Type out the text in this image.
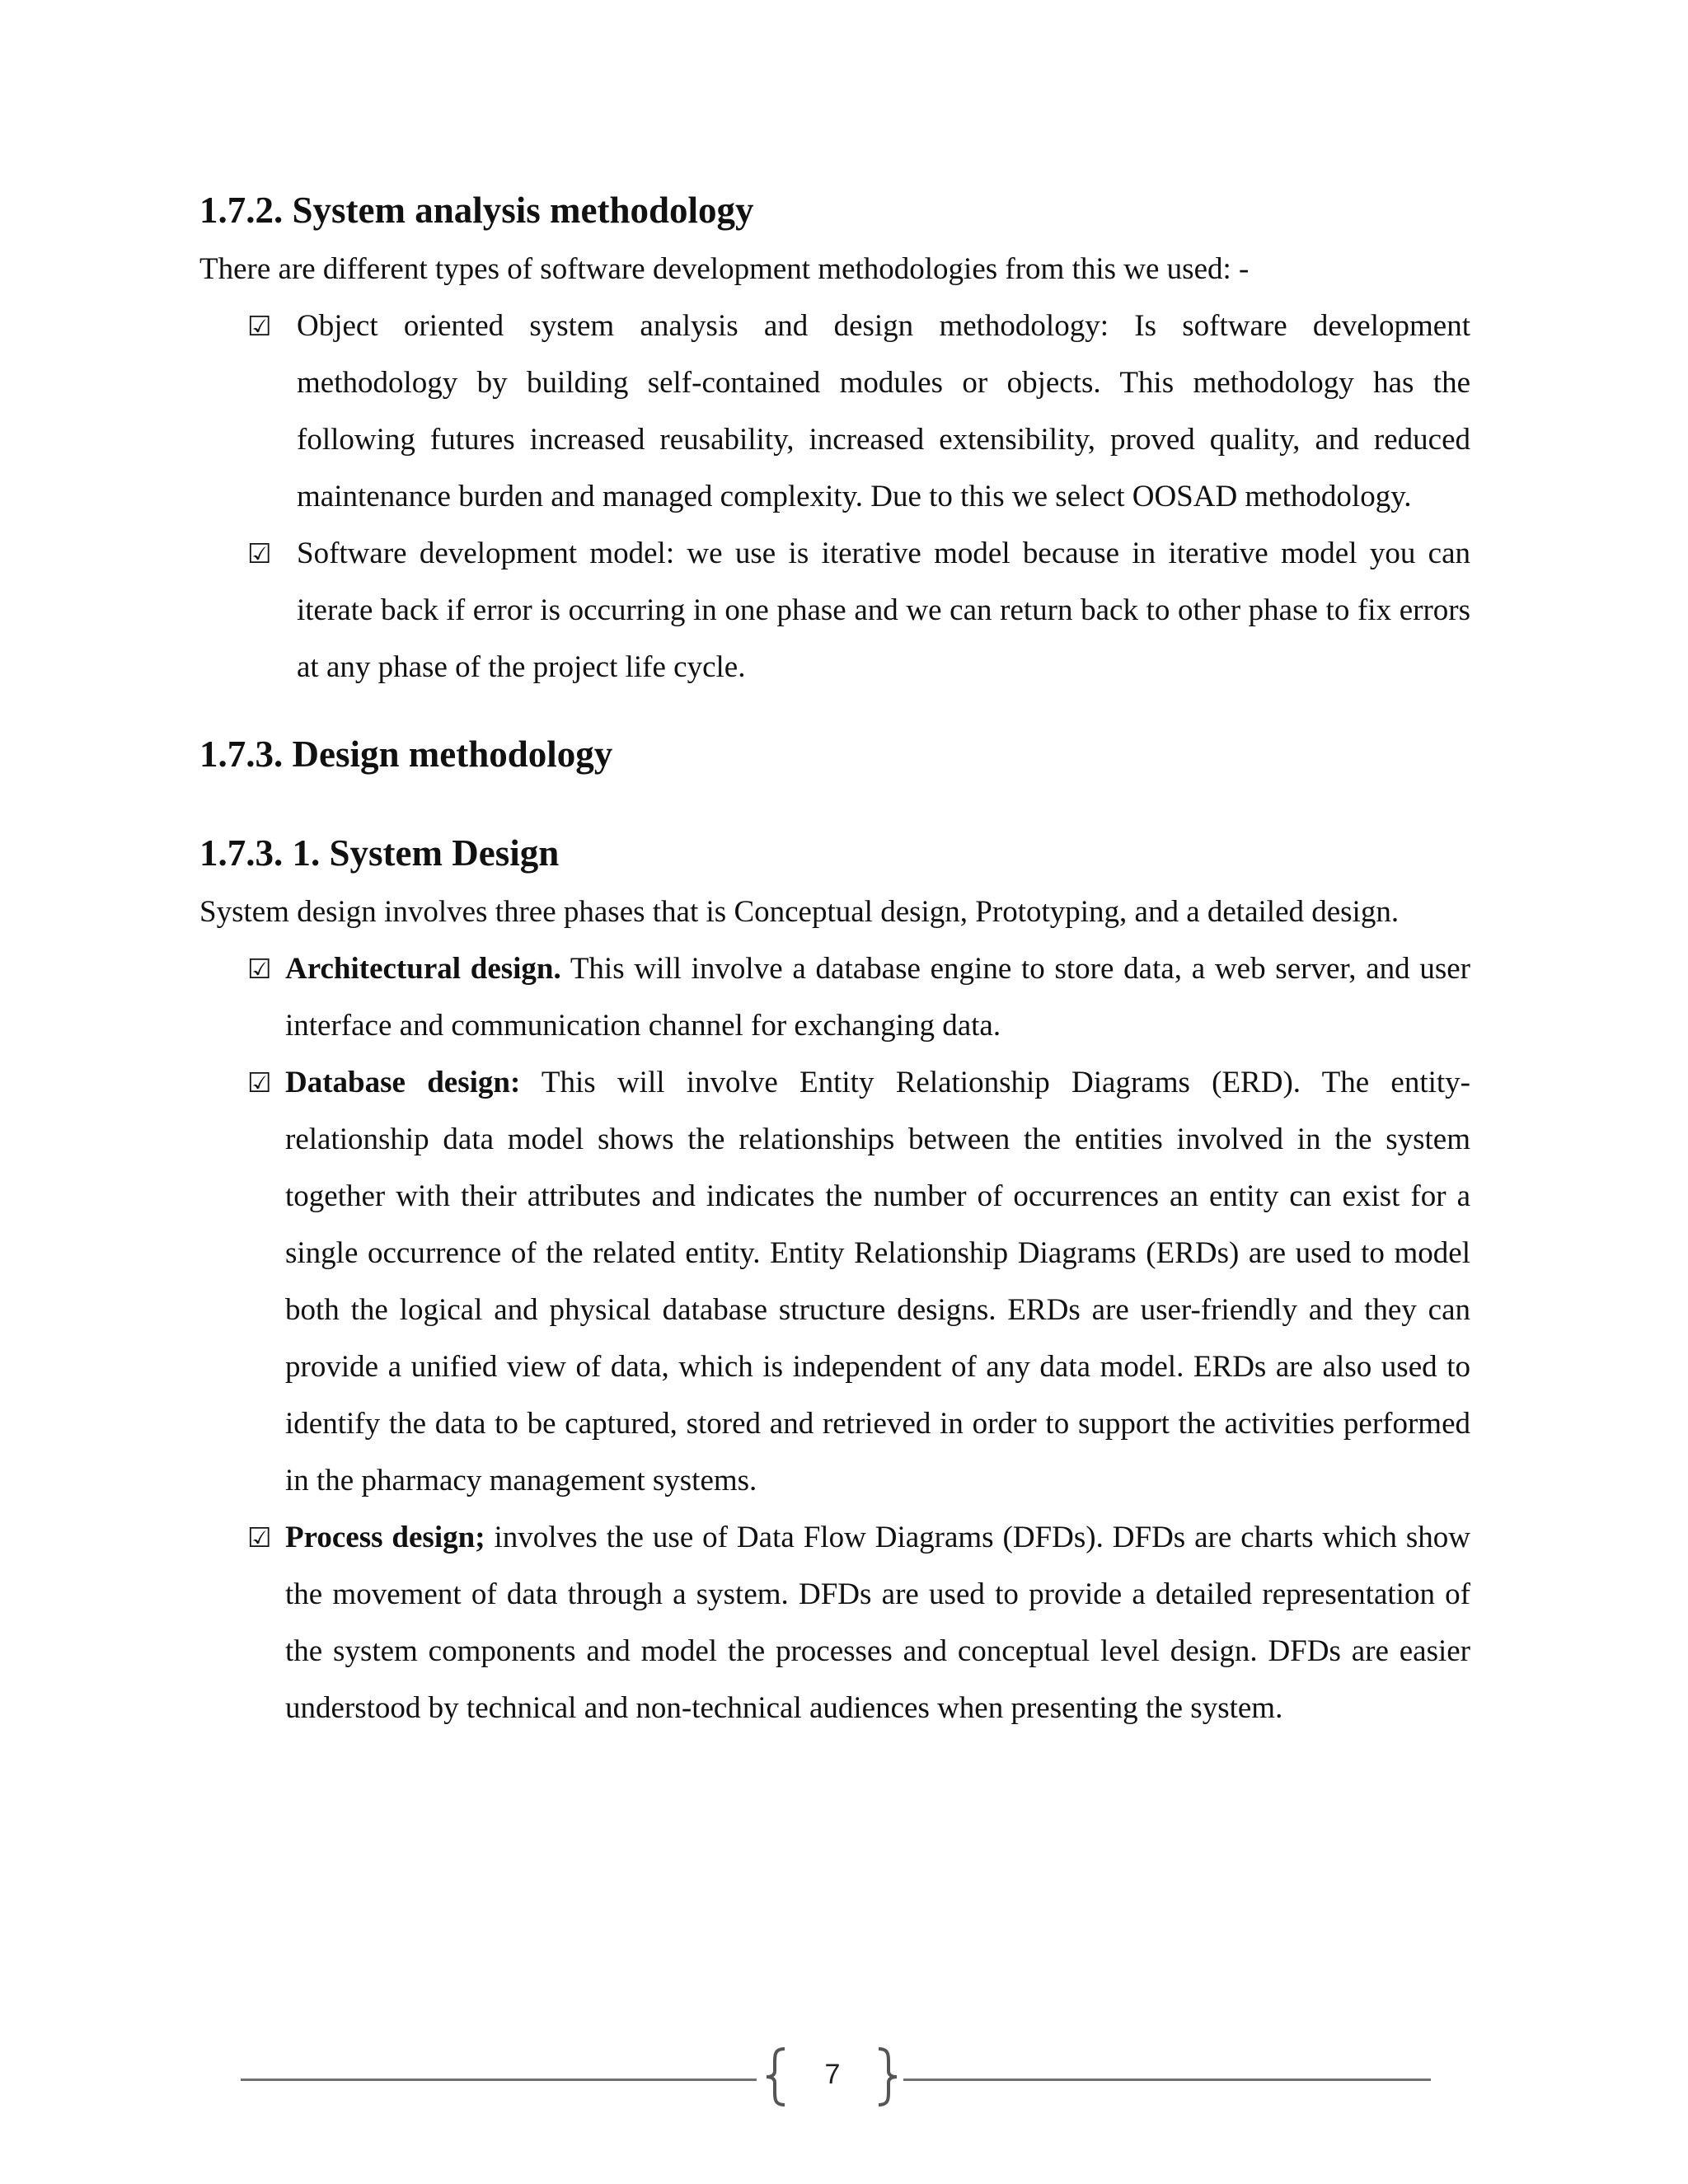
1.7.2. System analysis methodology

There are different types of software development methodologies from this we used: -

☑ Object oriented system analysis and design methodology: Is software development methodology by building self-contained modules or objects. This methodology has the following futures increased reusability, increased extensibility, proved quality, and reduced maintenance burden and managed complexity. Due to this we select OOSAD methodology.
☑ Software development model: we use is iterative model because in iterative model you can iterate back if error is occurring in one phase and we can return back to other phase to fix errors at any phase of the project life cycle.
1.7.3. Design methodology
1.7.3. 1. System Design

System design involves three phases that is Conceptual design, Prototyping, and a detailed design.

☑ Architectural design. This will involve a database engine to store data, a web server, and user interface and communication channel for exchanging data.
☑ Database design: This will involve Entity Relationship Diagrams (ERD). The entity-relationship data model shows the relationships between the entities involved in the system together with their attributes and indicates the number of occurrences an entity can exist for a single occurrence of the related entity. Entity Relationship Diagrams (ERDs) are used to model both the logical and physical database structure designs. ERDs are user-friendly and they can provide a unified view of data, which is independent of any data model. ERDs are also used to identify the data to be captured, stored and retrieved in order to support the activities performed in the pharmacy management systems.
☑ Process design; involves the use of Data Flow Diagrams (DFDs). DFDs are charts which show the movement of data through a system. DFDs are used to provide a detailed representation of the system components and model the processes and conceptual level design. DFDs are easier understood by technical and non-technical audiences when presenting the system.
7
